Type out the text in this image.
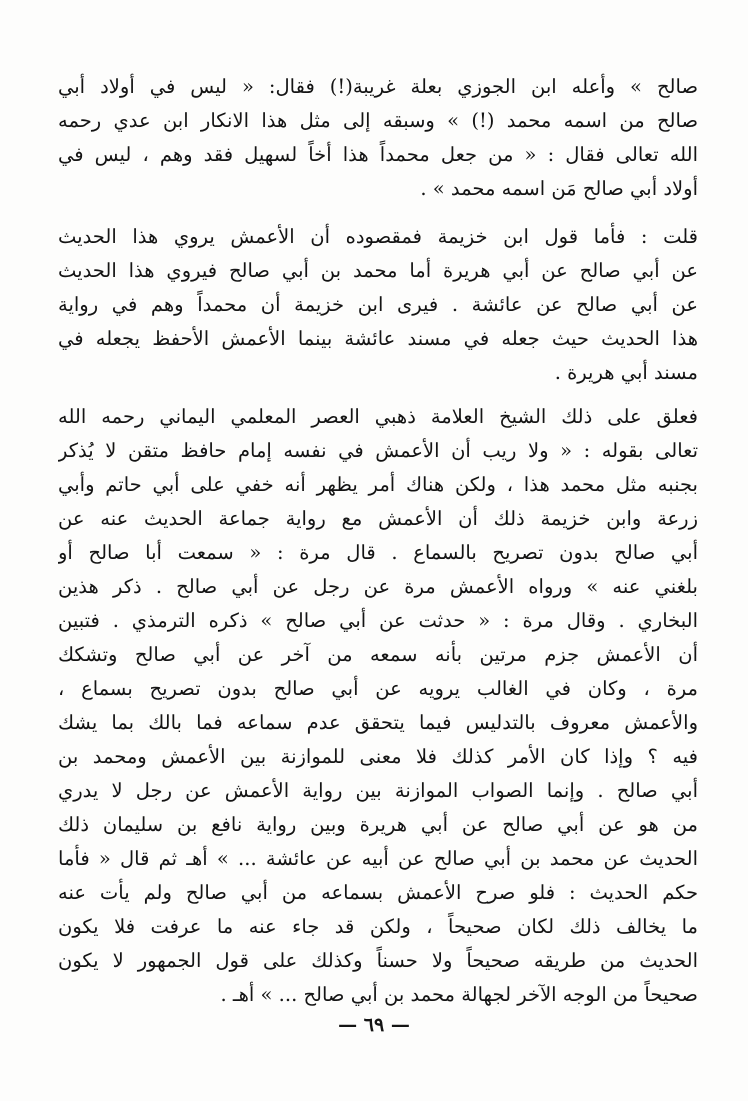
صالح » وأعله ابن الجوزي بعلة غريبة(!) فقال: « ليس في أولاد أبي
صالح من اسمه محمد (!) » وسبقه إلى مثل هذا الانكار ابن عدي رحمه
الله تعالى فقال : « من جعل محمداً هذا أخاً لسهيل فقد وهم ، ليس في
أولاد أبي صالح مَن اسمه محمد » .
قلت : فأما قول ابن خزيمة فمقصوده أن الأعمش يروي هذا الحديث
عن أبي صالح عن أبي هريرة أما محمد بن أبي صالح فيروي هذا الحديث
عن أبي صالح عن عائشة . فيرى ابن خزيمة أن محمداً وهم في رواية
هذا الحديث حيث جعله في مسند عائشة بينما الأعمش الأحفظ يجعله في
مسند أبي هريرة .
فعلق على ذلك الشيخ العلامة ذهبي العصر المعلمي اليماني رحمه الله
تعالى بقوله : « ولا ريب أن الأعمش في نفسه إمام حافظ متقن لا يُذكر
بجنبه مثل محمد هذا ، ولكن هناك أمر يظهر أنه خفي على أبي حاتم وأبي
زرعة وابن خزيمة ذلك أن الأعمش مع رواية جماعة الحديث عنه عن
أبي صالح بدون تصريح بالسماع . قال مرة : « سمعت أبا صالح أو
بلغني عنه » ورواه الأعمش مرة عن رجل عن أبي صالح . ذكر هذين
البخاري . وقال مرة : « حدثت عن أبي صالح » ذكره الترمذي . فتبين
أن الأعمش جزم مرتين بأنه سمعه من آخر عن أبي صالح وتشكك
مرة ، وكان في الغالب يرويه عن أبي صالح بدون تصريح بسماع ،
والأعمش معروف بالتدليس فيما يتحقق عدم سماعه فما بالك بما يشك
فيه ؟ وإذا كان الأمر كذلك فلا معنى للموازنة بين الأعمش ومحمد بن
أبي صالح . وإنما الصواب الموازنة بين رواية الأعمش عن رجل لا يدري
من هو عن أبي صالح عن أبي هريرة وبين رواية نافع بن سليمان ذلك
الحديث عن محمد بن أبي صالح عن أبيه عن عائشة ... » أهـ ثم قال « فأما
حكم الحديث : فلو صرح الأعمش بسماعه من أبي صالح ولم يأت عنه
ما يخالف ذلك لكان صحيحاً ، ولكن قد جاء عنه ما عرفت فلا يكون
الحديث من طريقه صحيحاً ولا حسناً وكذلك على قول الجمهور لا يكون
صحيحاً من الوجه الآخر لجهالة محمد بن أبي صالح ... » أهـ .
— ٦٩ —
